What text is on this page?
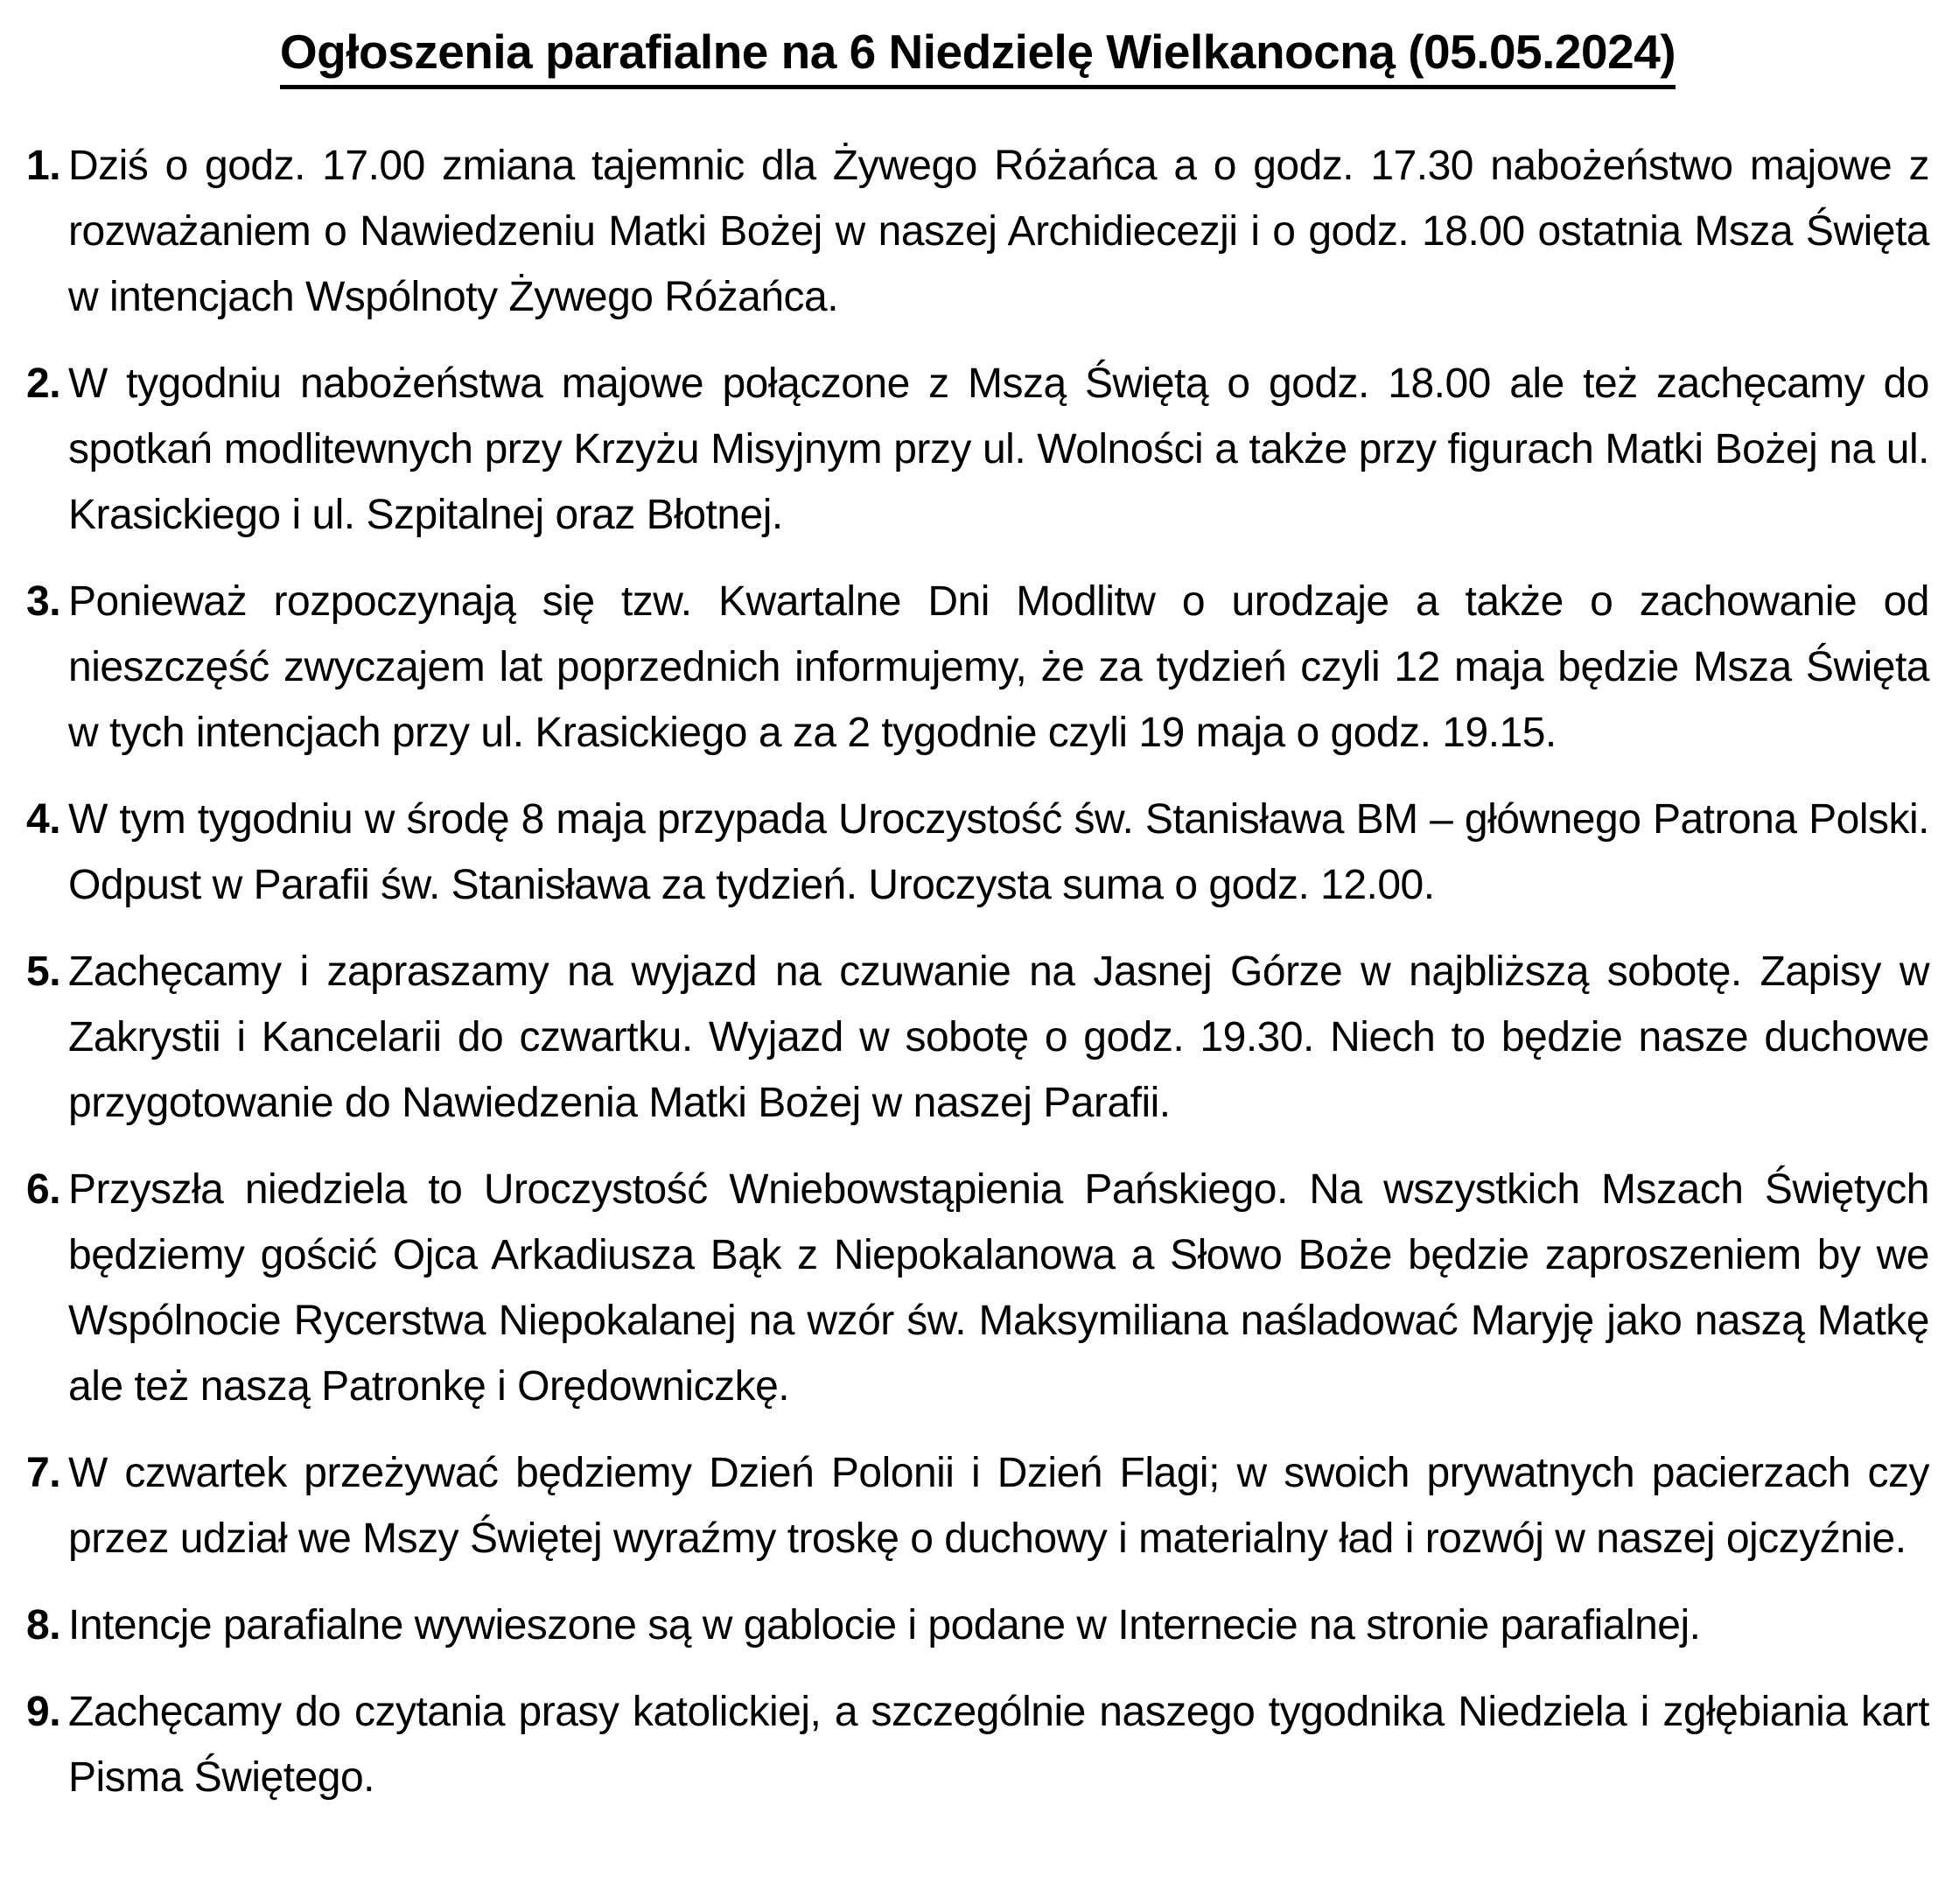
Ogłoszenia parafialne na 6 Niedzielę Wielkanocną (05.05.2024)
1. Dziś o godz. 17.00 zmiana tajemnic dla Żywego Różańca a o godz. 17.30 nabożeństwo majowe z rozważaniem o Nawiedzeniu Matki Bożej w naszej Archidiecezji i o godz. 18.00 ostatnia Msza Święta w intencjach Wspólnoty Żywego Różańca.
2. W tygodniu nabożeństwa majowe połączone z Mszą Świętą o godz. 18.00 ale też zachęcamy do spotkań modlitewnych przy Krzyżu Misyjnym przy ul. Wolności a także przy figurach Matki Bożej na ul. Krasickiego i ul. Szpitalnej oraz Błotnej.
3. Ponieważ rozpoczynają się tzw. Kwartalne Dni Modlitw o urodzaje a także o zachowanie od nieszczęść zwyczajem lat poprzednich informujemy, że za tydzień czyli 12 maja będzie Msza Święta w tych intencjach przy ul. Krasickiego a za 2 tygodnie czyli 19 maja o godz. 19.15.
4. W tym tygodniu w środę 8 maja przypada Uroczystość św. Stanisława BM – głównego Patrona Polski. Odpust w Parafii św. Stanisława za tydzień. Uroczysta suma o godz. 12.00.
5. Zachęcamy i zapraszamy na wyjazd na czuwanie na Jasnej Górze w najbliższą sobotę. Zapisy w Zakrystii i Kancelarii do czwartku. Wyjazd w sobotę o godz. 19.30. Niech to będzie nasze duchowe przygotowanie do Nawiedzenia Matki Bożej w naszej Parafii.
6. Przyszła niedziela to Uroczystość Wniebowstąpienia Pańskiego. Na wszystkich Mszach Świętych będziemy gościć Ojca Arkadiusza Bąk z Niepokalanowa a Słowo Boże będzie zaproszeniem by we Wspólnocie Rycerstwa Niepokalanej na wzór św. Maksymiliana naśladować Maryję jako naszą Matkę ale też naszą Patronkę i Orędowniczkę.
7. W czwartek przeżywać będziemy Dzień Polonii i Dzień Flagi; w swoich prywatnych pacierzach czy przez udział we Mszy Świętej wyraźmy troskę o duchowy i materialny ład i rozwój w naszej ojczyźnie.
8. Intencje parafialne wywieszone są w gablocie i podane w Internecie na stronie parafialnej.
9. Zachęcamy do czytania prasy katolickiej, a szczególnie naszego tygodnika Niedziela i zgłębiania kart Pisma Świętego.
